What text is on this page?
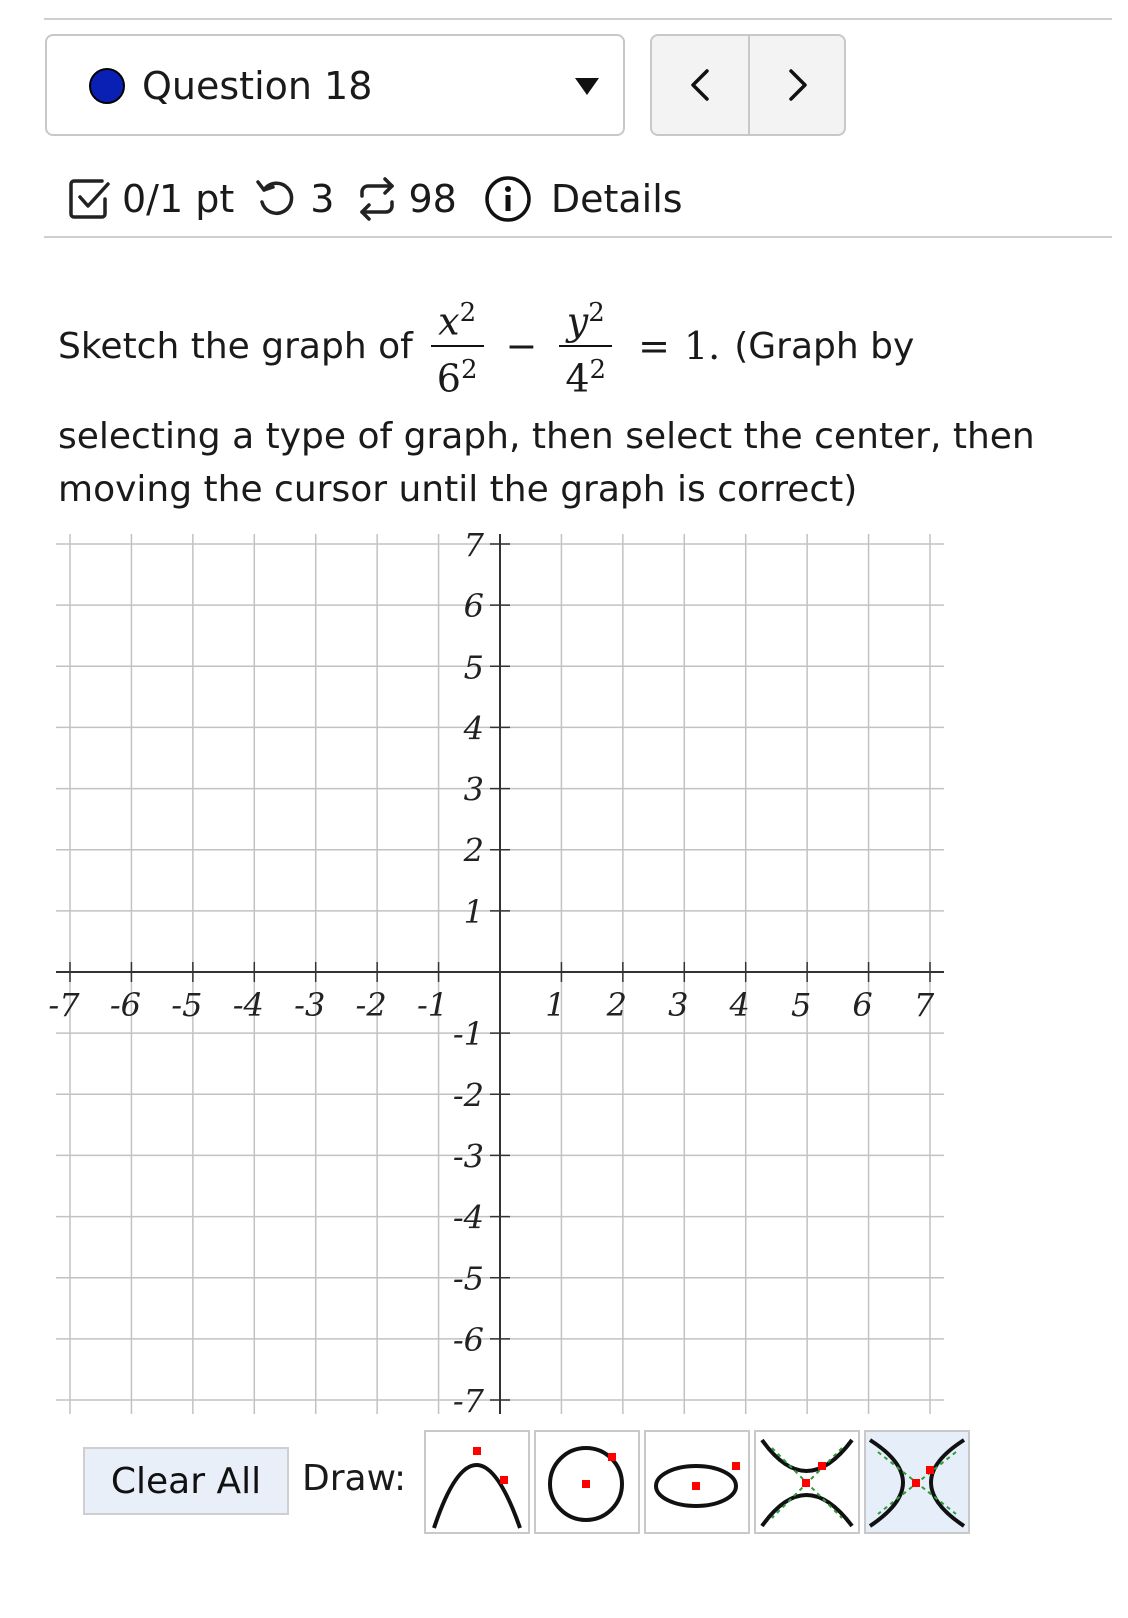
Question 18
0/1 pt 3 98 Details
Sketch the graph of $\frac{x^2}{6^2} - \frac{y^2}{4^2} = 1$. (Graph by
selecting a type of graph, then select the center, then moving the cursor until the graph is correct)
-7 -6 -5 -4 -3 -2 -1	1 2 3 4 5 6 7
7
6
5
4
3
2
1
-1
-2
-3
-4
-5
-6
-7
Clear All	Draw:
